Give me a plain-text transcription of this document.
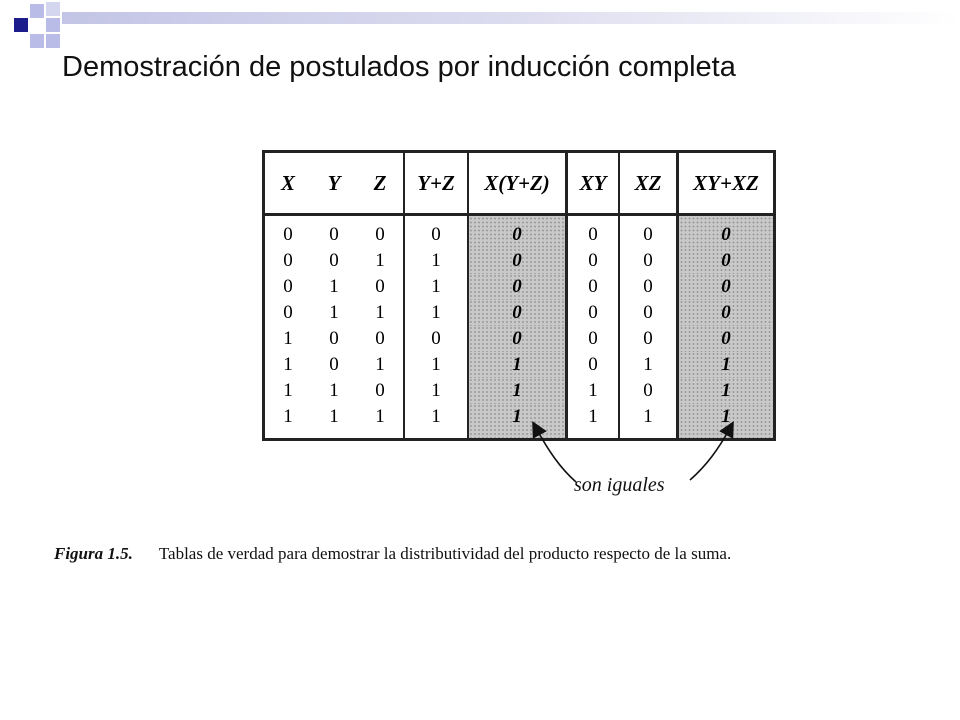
Demostración de postulados por inducción completa
X	Y	Z	Y+Z	X(Y+Z)	XY	XZ	XY+XZ
0	0	0	0	0	0	0	0
0	0	1	1	0	0	0	0
0	1	0	1	0	0	0	0
0	1	1	1	0	0	0	0
1	0	0	0	0	0	0	0
1	0	1	1	1	0	1	1
1	1	0	1	1	1	0	1
1	1	1	1	1	1	1	1
son iguales
Figura 1.5. Tablas de verdad para demostrar la distributividad del producto respecto de la suma.
